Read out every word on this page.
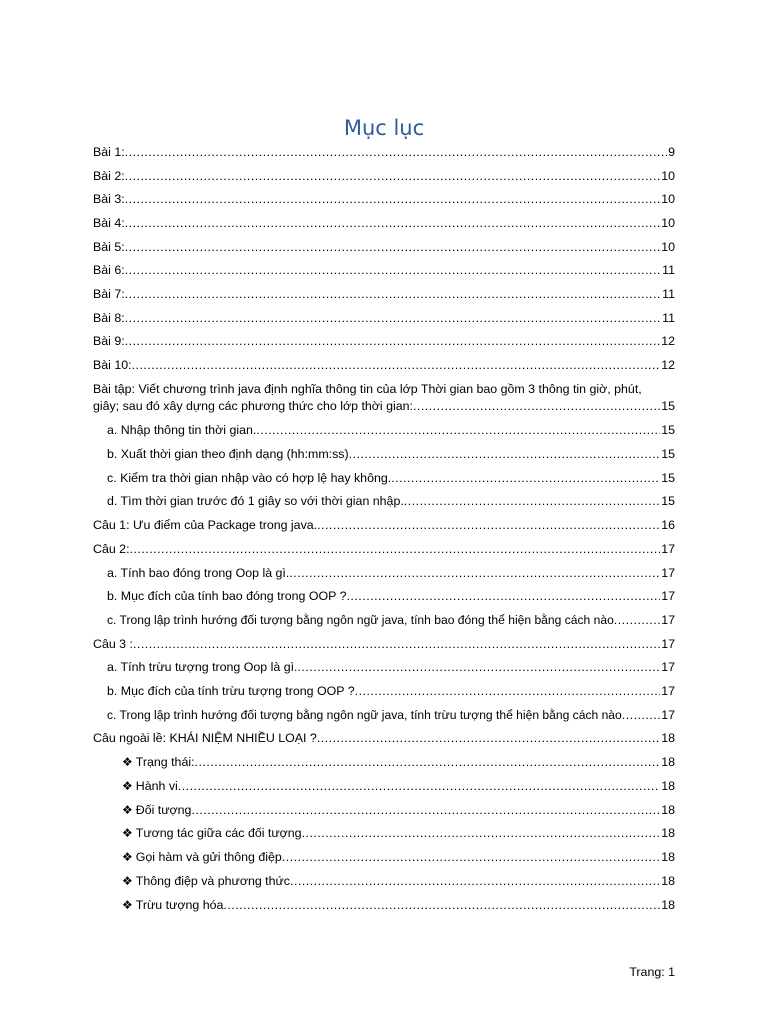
Mục lục
Bài 1: .....	9
Bài 2: .....	10
Bài 3: .....	10
Bài 4: .....	10
Bài 5: .....	10
Bài 6: .....	11
Bài 7: .....	11
Bài 8: .....	11
Bài 9: .....	12
Bài 10: .....	12
Bài tập: Viết chương trình java định nghĩa thông tin của lớp Thời gian bao gồm 3 thông tin giờ, phút,
giây; sau đó xây dựng các phương thức cho lớp thời gian: .....	15
a. Nhập thông tin thời gian. .....	15
b. Xuất thời gian theo định dạng (hh:mm:ss) .....	15
c. Kiểm tra thời gian nhập vào có hợp lệ hay không. .....	15
d. Tìm thời gian trước đó 1 giây so với thời gian nhập. .....	15
Câu 1: Ưu điểm của Package trong java. .....	16
Câu 2: .....	17
a. Tính bao đóng trong Oop là gì. .....	17
b. Mục đích của tính bao đóng trong OOP ? .....	17
c. Trong lập trình hướng đối tượng bằng ngôn ngữ java, tính bao đóng thể hiện bằng cách nào .....	17
Câu 3 : .....	17
a. Tính trừu tượng trong Oop là gì. .....	17
b. Mục đích của tính trừu tượng trong OOP ? .....	17
c. Trong lập trình hướng đối tượng bằng ngôn ngữ java, tính trừu tượng thể hiện bằng cách nào .....	17
Câu ngoài lề: KHÁI NIỆM NHIỀU LOẠI ? .....	18
❖ Trạng thái: .....	18
❖ Hành vi .....	18
❖ Đối tượng .....	18
❖ Tương tác giữa các đối tượng .....	18
❖ Gọi hàm và gửi thông điệp .....	18
❖ Thông điệp và phương thức .....	18
❖ Trừu tượng hóa .....	18
Trang: 1
